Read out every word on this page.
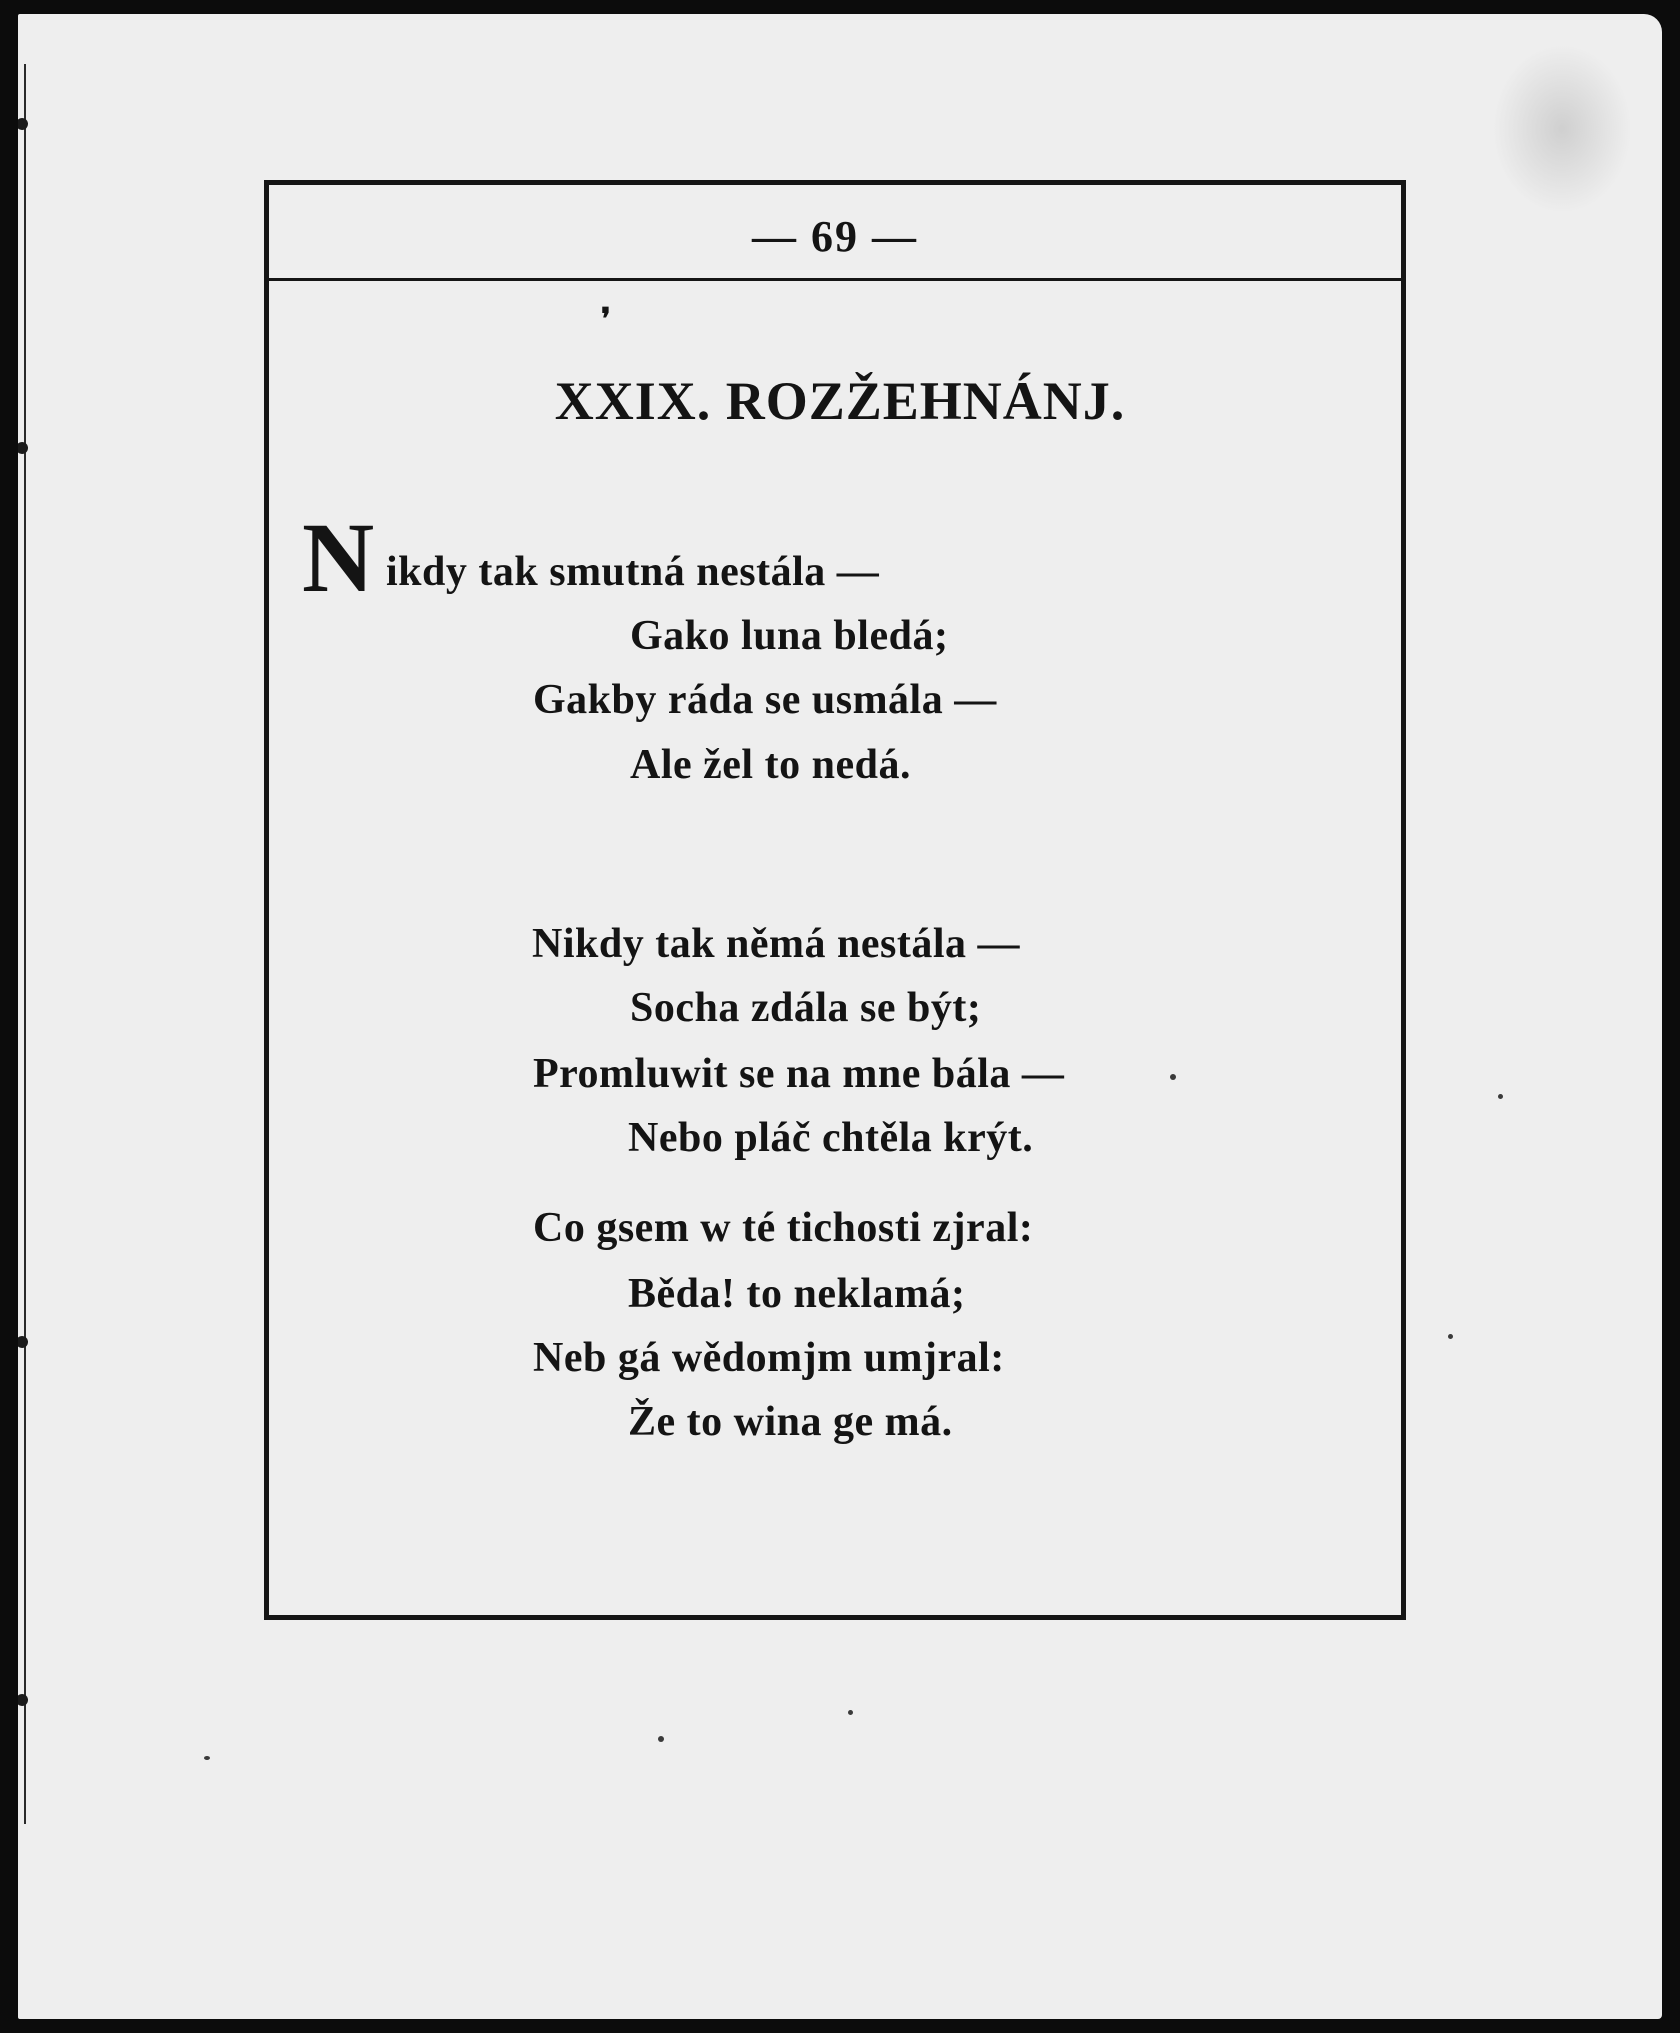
— 69 —
❜
XXIX. ROZŽEHNÁNJ.
N ikdy tak smutná nestála —
Gako luna bledá;
Gakby ráda se usmála —
Ale žel to nedá.
Nikdy tak němá nestála —
Socha zdála se být;
Promluwit se na mne bála —
Nebo pláč chtěla krýt.
Co gsem w té tichosti zjral:
Běda! to neklamá;
Neb gá wědomjm umjral:
Že to wina ge má.
